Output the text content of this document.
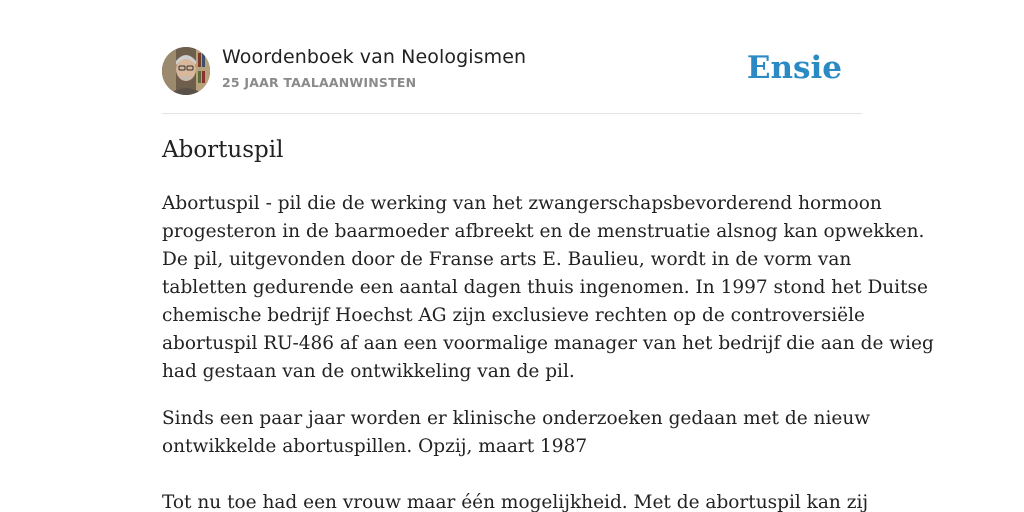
Woordenboek van Neologismen
25 JAAR TAALAANWINSTEN	Ensie
Abortuspil

Abortuspil - pil die de werking van het zwangerschapsbevorderend hormoon
progesteron in de baarmoeder afbreekt en de menstruatie alsnog kan opwekken.
De pil, uitgevonden door de Franse arts E. Baulieu, wordt in de vorm van
tabletten gedurende een aantal dagen thuis ingenomen. In 1997 stond het Duitse
chemische bedrijf Hoechst AG zijn exclusieve rechten op de controversiële
abortuspil RU-486 af aan een voormalige manager van het bedrijf die aan de wieg
had gestaan van de ontwikkeling van de pil.

Sinds een paar jaar worden er klinische onderzoeken gedaan met de nieuw
ontwikkelde abortuspillen. Opzij, maart 1987

Tot nu toe had een vrouw maar één mogelijkheid. Met de abortuspil kan zij
